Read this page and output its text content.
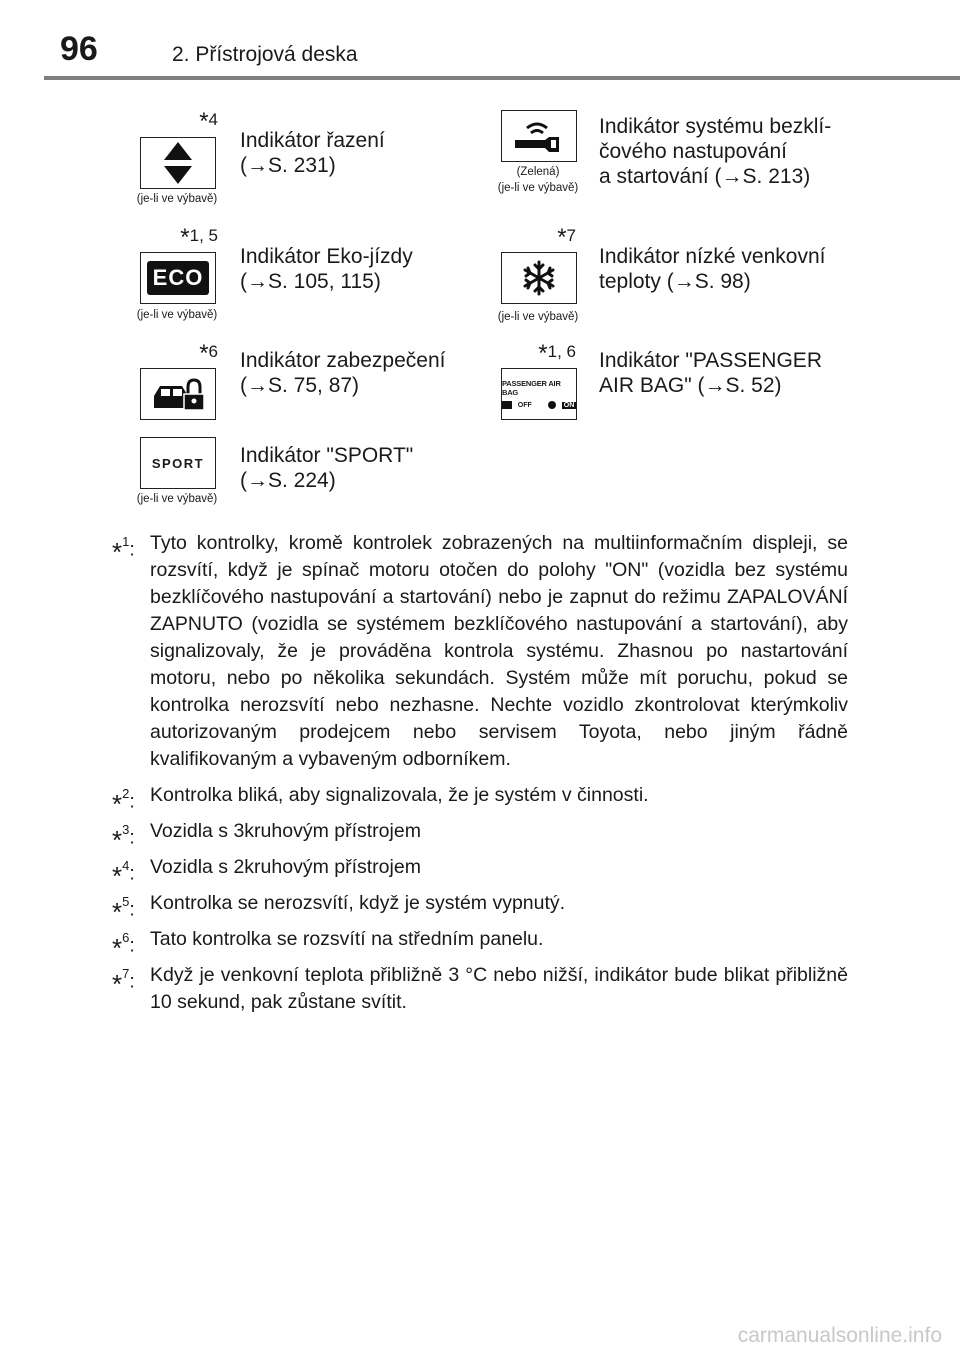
96	2. Přístrojová deska
*4
(je-li ve výbavě)
Indikátor řazení
(→S. 231)	(Zelená)
(je-li ve výbavě)
Indikátor systému bezklí-
čového nastupování
a startování (→S. 213)
*1, 5
ECO
(je-li ve výbavě)
Indikátor Eko-jízdy
(→S. 105, 115)
*7
(je-li ve výbavě)
Indikátor nízké venkovní
teploty (→S. 98)
*6 Indikátor zabezpečení
(→S. 75, 87)
*1, 6
PASSENGER AIR BAG
OFF	ON
Indikátor "PASSENGER
AIR BAG" (→S. 52)
SPORT
(je-li ve výbavě)
Indikátor "SPORT"
(→S. 224)
*$^1$: Tyto kontrolky, kromě kontrolek zobrazených na multiinformačním displeji, se rozsvítí, když je spínač motoru otočen do polohy "ON" (vozidla bez systému bezklíčového nastupování a startování) nebo je zapnut do režimu ZAPALOVÁNÍ ZAPNUTO (vozidla se systémem bezklíčového nastupování a startování), aby signalizovaly, že je prováděna kontrola systému. Zhasnou po nastartování motoru, nebo po několika sekundách. Systém může mít poruchu, pokud se kontrolka nerozsvítí nebo nezhasne. Nechte vozidlo zkontrolovat kterýmkoliv autorizovaným prodejcem nebo servisem Toyota, nebo jiným řádně kvalifikovaným a vybaveným odborníkem.
*$^2$: Kontrolka bliká, aby signalizovala, že je systém v činnosti.
*$^3$: Vozidla s 3kruhovým přístrojem
*$^4$: Vozidla s 2kruhovým přístrojem
*$^5$: Kontrolka se nerozsvítí, když je systém vypnutý.
*$^6$: Tato kontrolka se rozsvítí na středním panelu.
*$^7$: Když je venkovní teplota přibližně 3 °C nebo nižší, indikátor bude blikat přibližně 10 sekund, pak zůstane svítit.
carmanualsonline.info
